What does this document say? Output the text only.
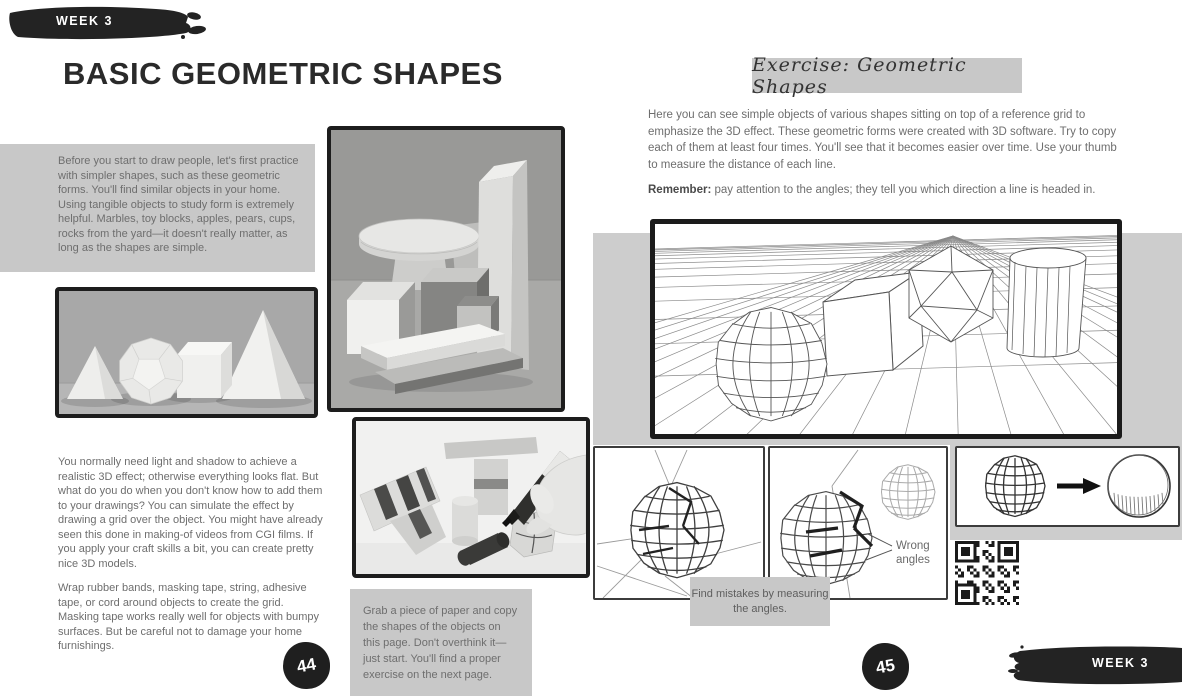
WEEK 3
BASIC GEOMETRIC SHAPES
Before you start to draw people, let's first practice with simpler shapes, such as these geometric forms. You'll find similar objects in your home. Using tangible objects to study form is extremely helpful. Marbles, toy blocks, apples, pears, cups, rocks from the yard—it doesn't really matter, as long as the shapes are simple.

You normally need light and shadow to achieve a realistic 3D effect; otherwise everything looks flat. But what do you do when you don't know how to add them to your drawings? You can simulate the effect by drawing a grid over the object. You might have already seen this done in making-of videos from CGI films. If you apply your craft skills a bit, you can create pretty nice 3D models.

Wrap rubber bands, masking tape, string, adhesive tape, or cord around objects to create the grid. Masking tape works really well for objects with bumpy surfaces. But be careful not to damage your home furnishings.

44
Grab a piece of paper and copy the shapes of the objects on this page. Don't overthink it—just start. You'll find a proper exercise on the next page.
Exercise: Geometric Shapes

Here you can see simple objects of various shapes sitting on top of a reference grid to emphasize the 3D effect. These geometric forms were created with 3D software. Try to copy each of them at least four times. You'll see that it becomes easier over time. Use your thumb to measure the distance of each line.

Remember: pay attention to the angles; they tell you which direction a line is headed in.

Wrong angles
Find mistakes by measuring the angles.
45	WEEK 3
